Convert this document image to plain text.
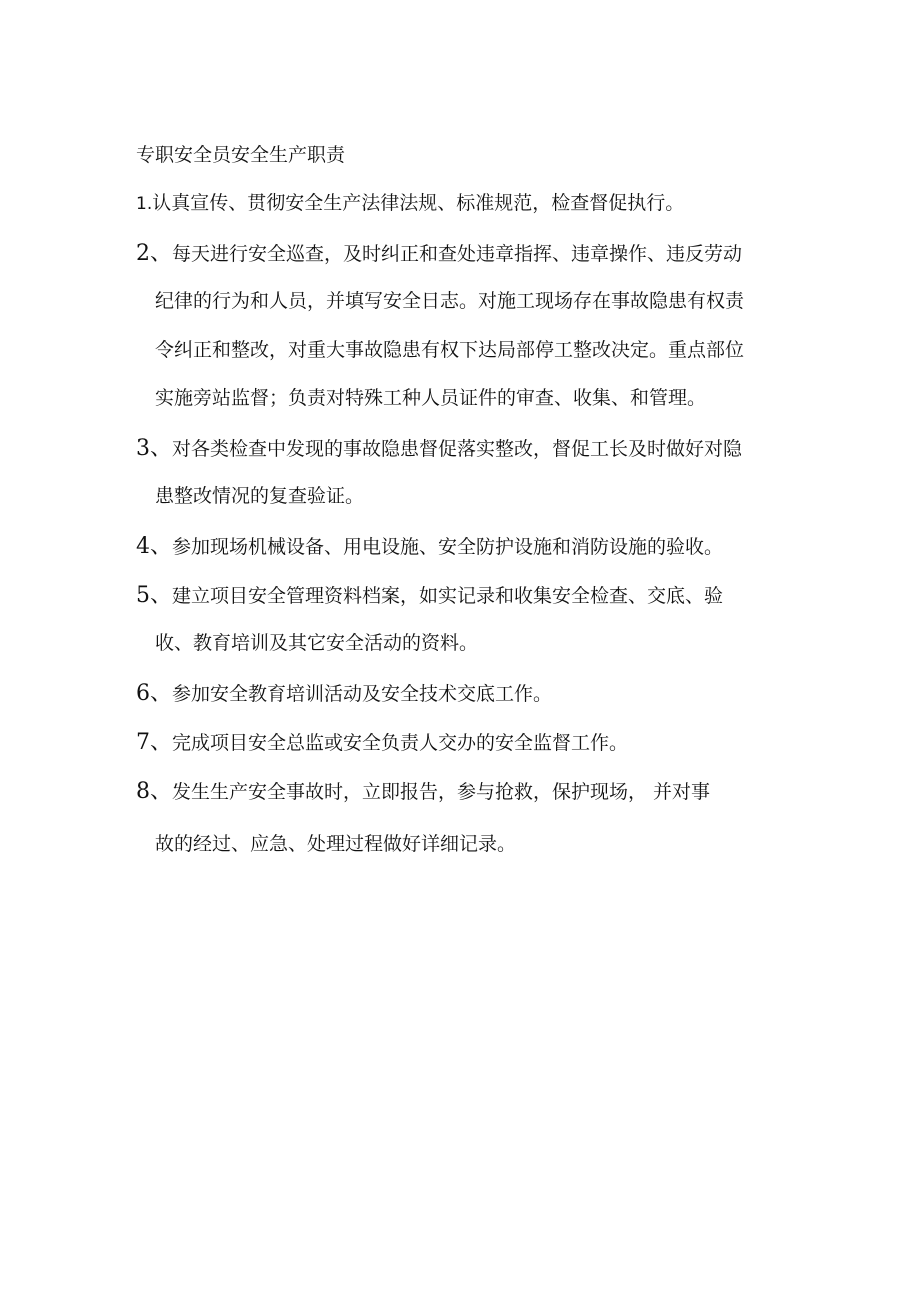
专职安全员安全生产职责
1.认真宣传、贯彻安全生产法律法规、标准规范，检查督促执行。
2、每天进行安全巡查，及时纠正和查处违章指挥、违章操作、违反劳动
纪律的行为和人员，并填写安全日志。对施工现场存在事故隐患有权责
令纠正和整改，对重大事故隐患有权下达局部停工整改决定。重点部位
实施旁站监督；负责对特殊工种人员证件的审查、收集、和管理。
3、对各类检查中发现的事故隐患督促落实整改，督促工长及时做好对隐
患整改情况的复查验证。
4、参加现场机械设备、用电设施、安全防护设施和消防设施的验收。
5、建立项目安全管理资料档案，如实记录和收集安全检查、交底、验
收、教育培训及其它安全活动的资料。
6、参加安全教育培训活动及安全技术交底工作。
7、完成项目安全总监或安全负责人交办的安全监督工作。
8、发生生产安全事故时，立即报告，参与抢救，保护现场， 并对事
故的经过、应急、处理过程做好详细记录。
